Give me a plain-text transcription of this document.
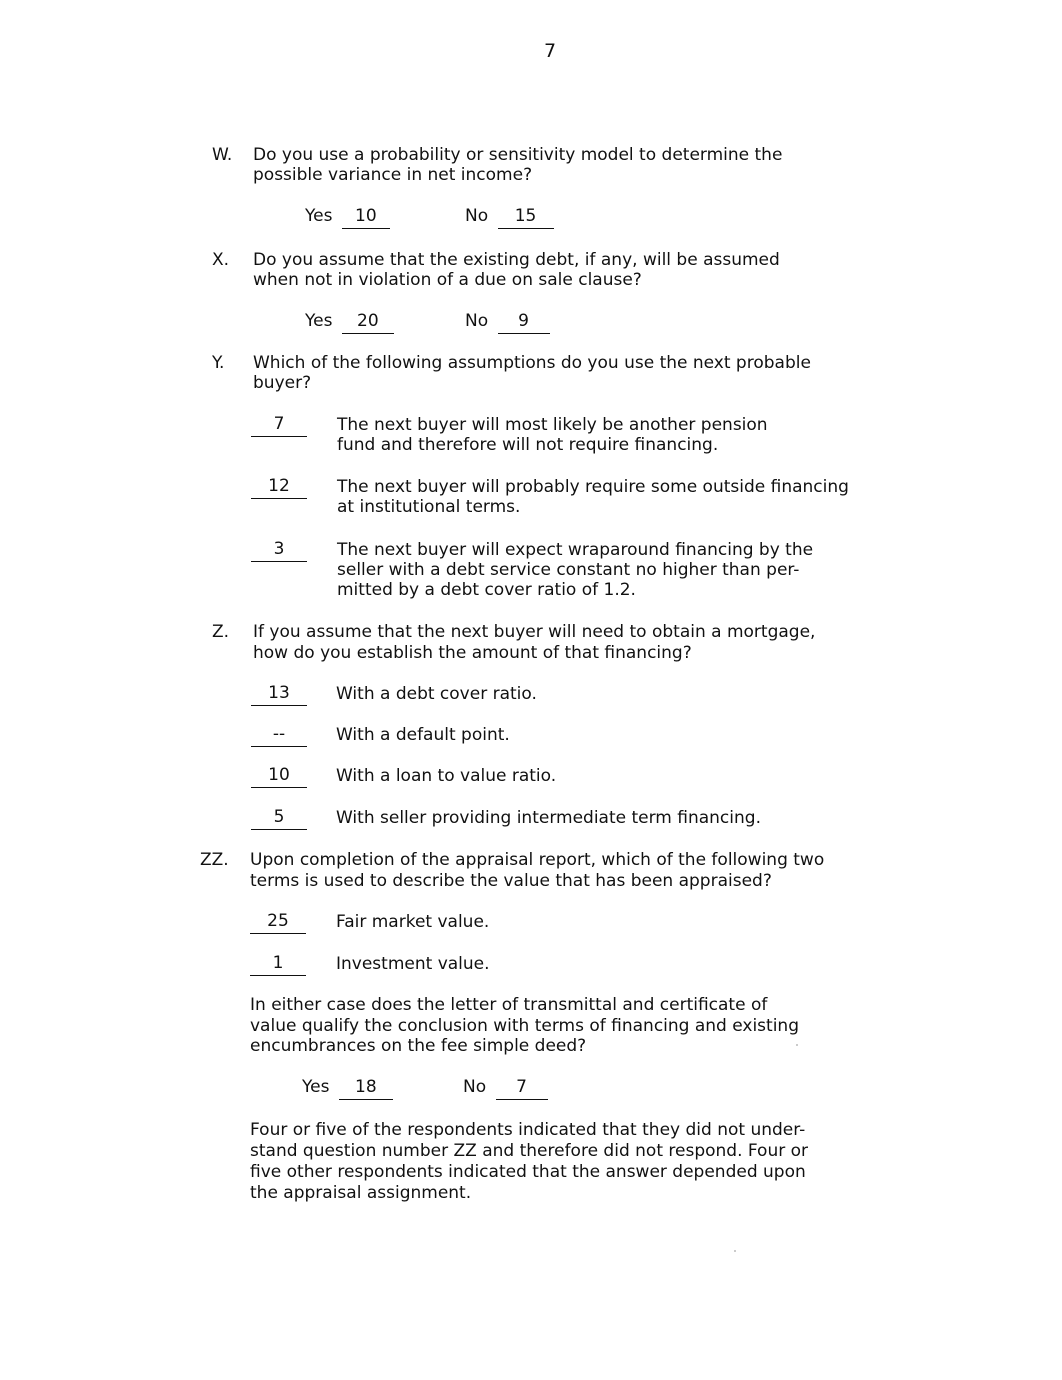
7
W. Do you use a probability or sensitivity model to determine the
possible variance in net income?
Yes 10	No 15
X. Do you assume that the existing debt, if any, will be assumed
when not in violation of a due on sale clause?
Yes 20	No 9
Y. Which of the following assumptions do you use the next probable
buyer?
7	The next buyer will most likely be another pension
fund and therefore will not require financing.
12	The next buyer will probably require some outside financing
at institutional terms.
3	The next buyer will expect wraparound financing by the
seller with a debt service constant no higher than per-
mitted by a debt cover ratio of 1.2.
Z. If you assume that the next buyer will need to obtain a mortgage,
how do you establish the amount of that financing?
13	With a debt cover ratio.
--	With a default point.
10	With a loan to value ratio.
5	With seller providing intermediate term financing.
ZZ. Upon completion of the appraisal report, which of the following two
terms is used to describe the value that has been appraised?
25	Fair market value.
1	Investment value.
In either case does the letter of transmittal and certificate of
value qualify the conclusion with terms of financing and existing
encumbrances on the fee simple deed?
Yes 18	No 7
Four or five of the respondents indicated that they did not under-
stand question number ZZ and therefore did not respond. Four or
five other respondents indicated that the answer depended upon
the appraisal assignment.
